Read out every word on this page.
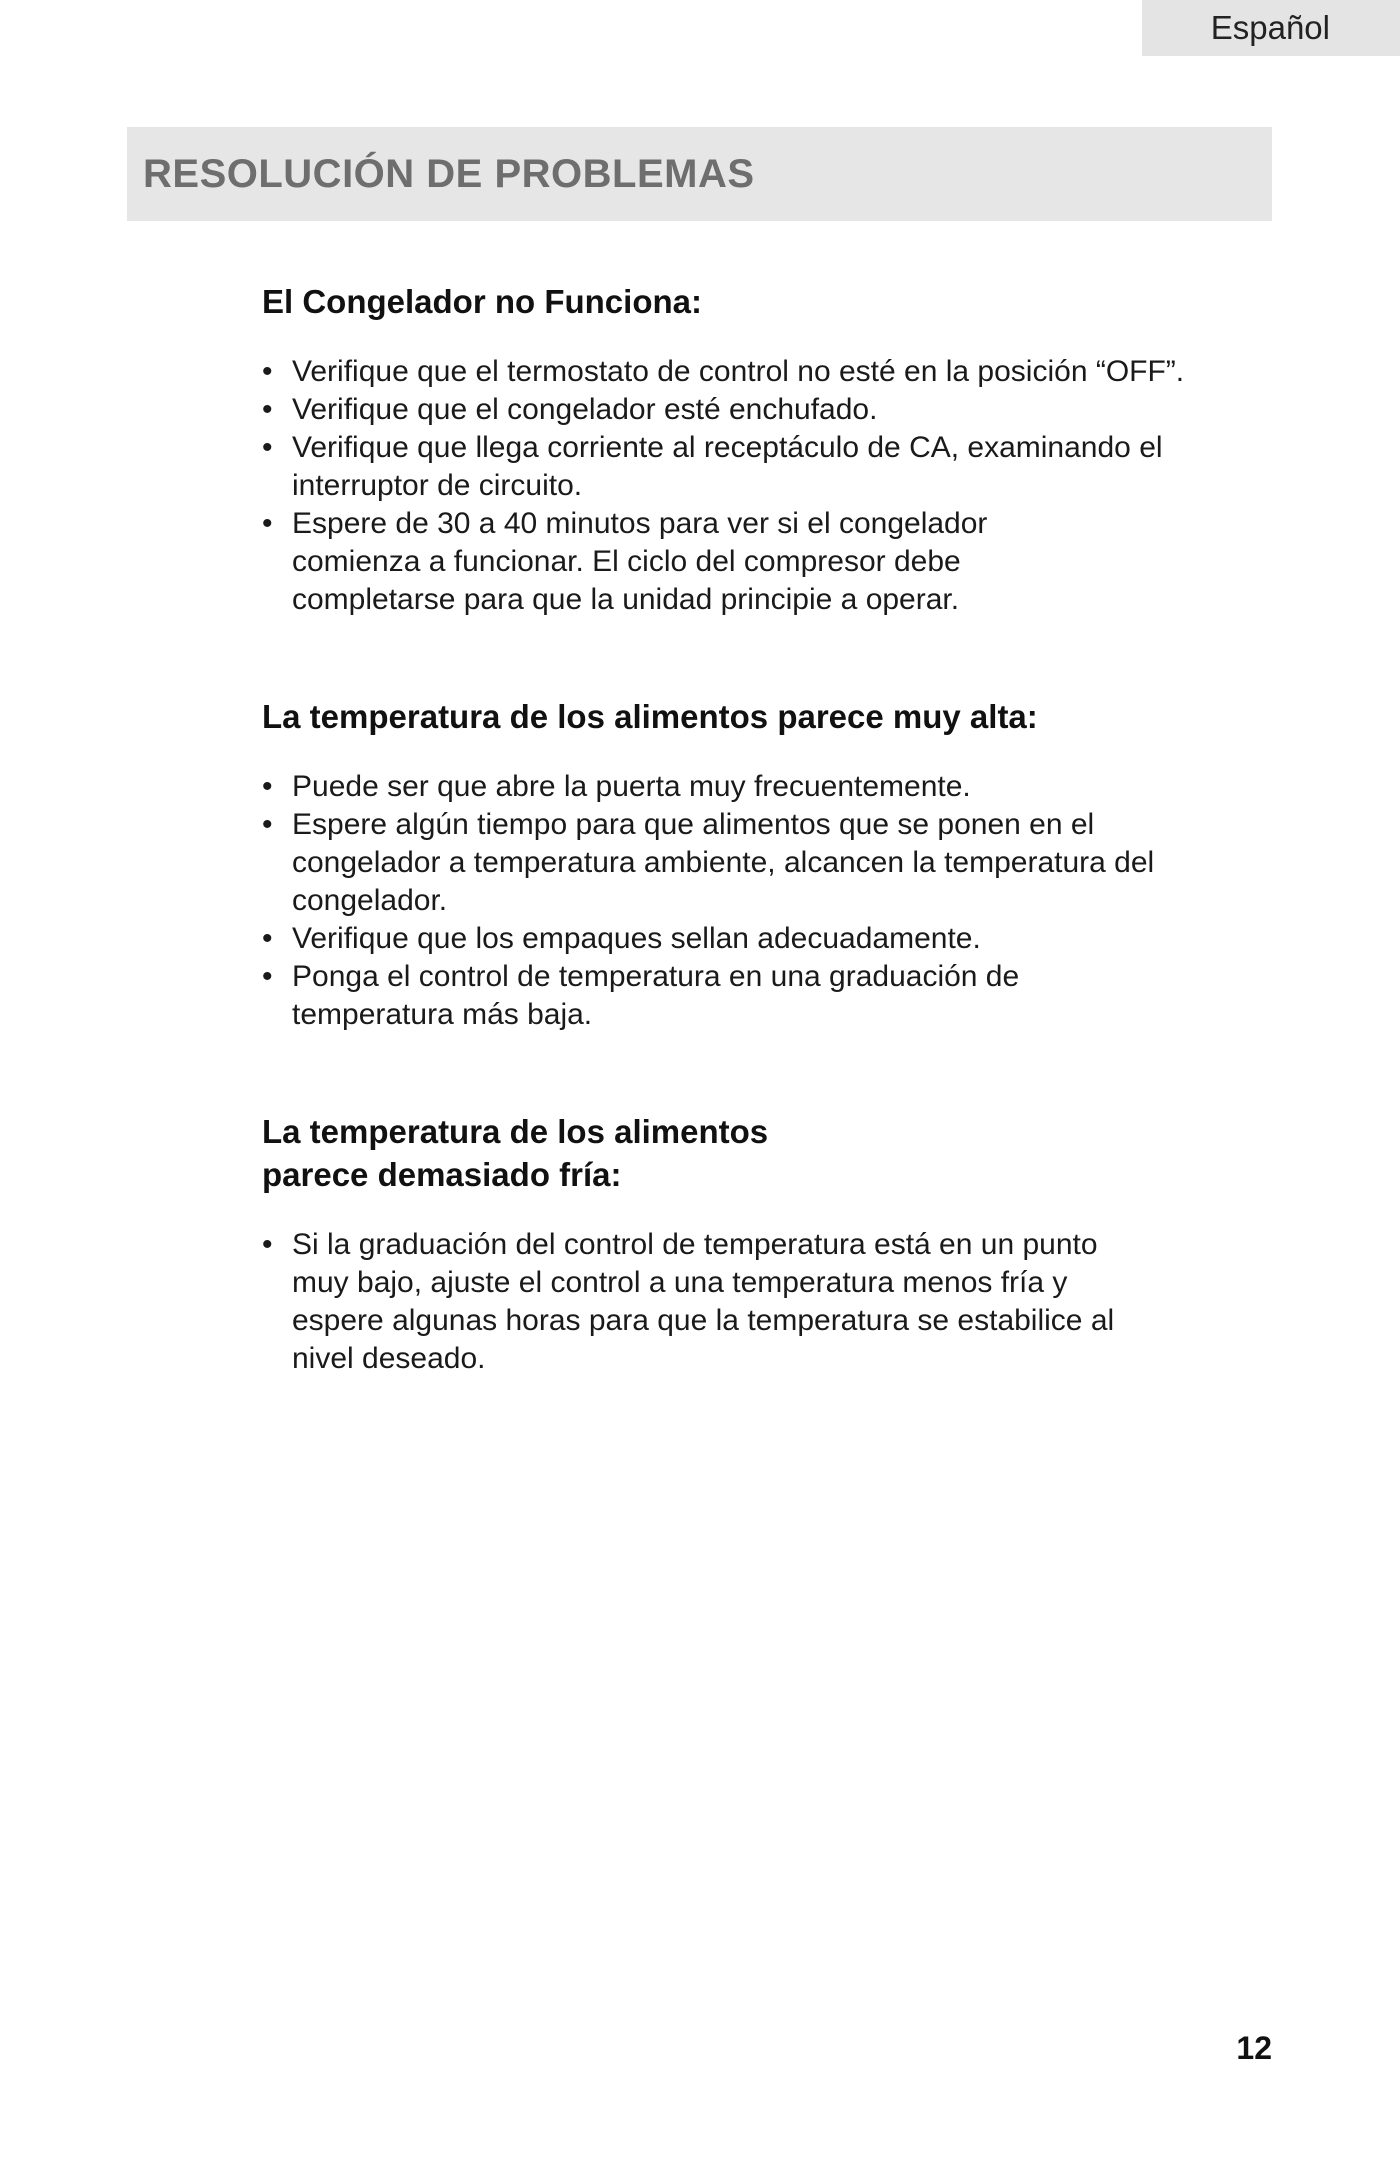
Español
RESOLUCIÓN DE PROBLEMAS
El Congelador no Funciona:
• Verifique que el termostato de control no esté en la posición “OFF”.
• Verifique que el congelador esté enchufado.
• Verifique que llega corriente al receptáculo de CA, examinando el interruptor de circuito.
• Espere de 30 a 40 minutos para ver si el congelador comienza a funcionar. El ciclo del compresor debe completarse para que la unidad principie a operar.
La temperatura de los alimentos parece muy alta:
• Puede ser que abre la puerta muy frecuentemente.
• Espere algún tiempo para que alimentos que se ponen en el congelador a temperatura ambiente, alcancen la temperatura del congelador.
• Verifique que los empaques sellan adecuadamente.
• Ponga el control de temperatura en una graduación de temperatura más baja.
La temperatura de los alimentos parece demasiado fría:
• Si la graduación del control de temperatura está en un punto muy bajo, ajuste el control a una temperatura menos fría y espere algunas horas para que la temperatura se estabilice al nivel deseado.
12
